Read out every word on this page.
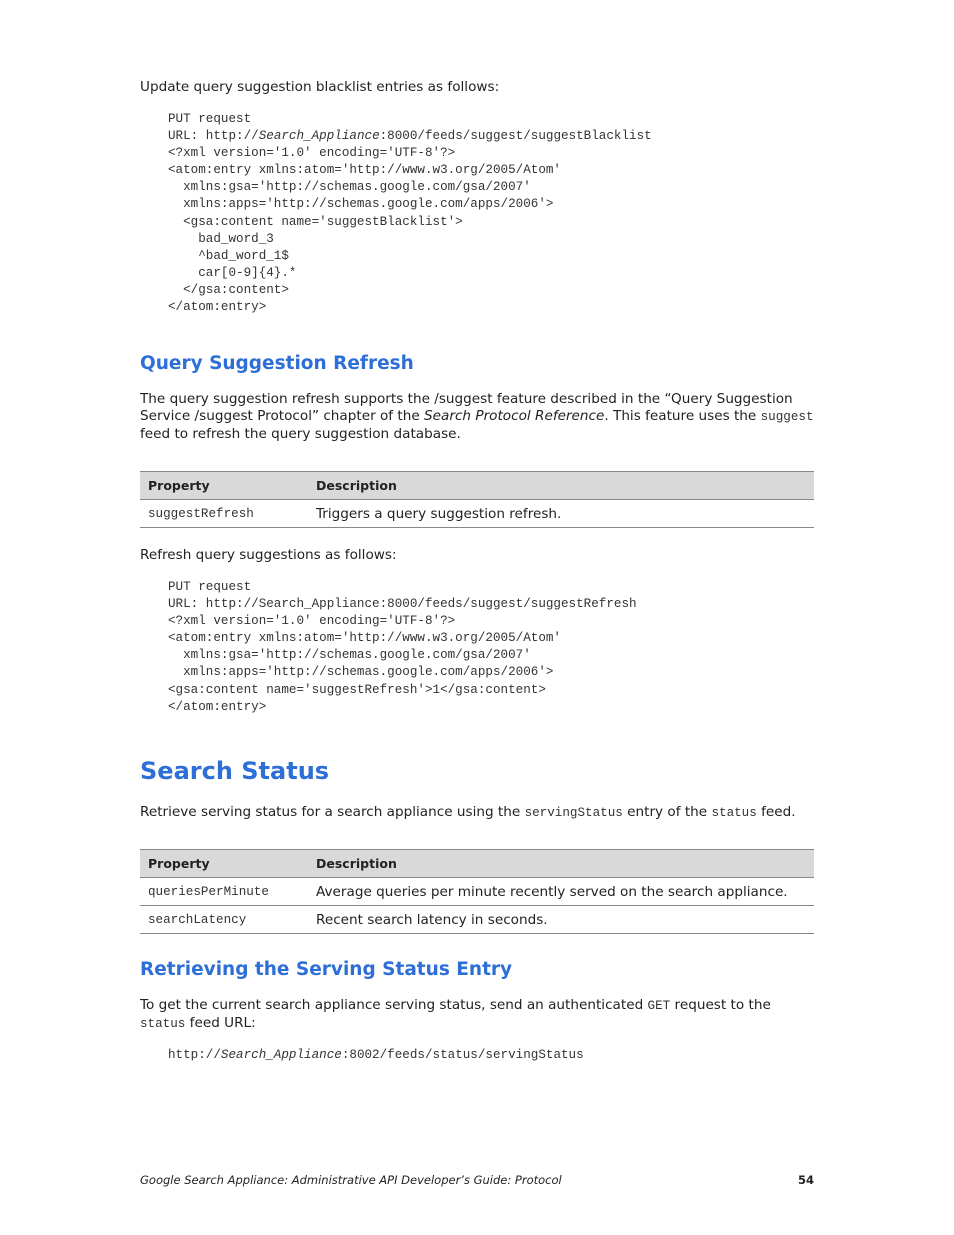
Update query suggestion blacklist entries as follows:

PUT request
URL: http://Search_Appliance:8000/feeds/suggest/suggestBlacklist
<?xml version='1.0' encoding='UTF-8'?>
<atom:entry xmlns:atom='http://www.w3.org/2005/Atom'
xmlns:gsa='http://schemas.google.com/gsa/2007'
xmlns:apps='http://schemas.google.com/apps/2006'>
<gsa:content name='suggestBlacklist'>
bad_word_3
^bad_word_1$
car[0-9]{4}.*
</gsa:content>
</atom:entry>
Query Suggestion Refresh

The query suggestion refresh supports the /suggest feature described in the “Query Suggestion Service /suggest Protocol” chapter of the Search Protocol Reference. This feature uses the suggest feed to refresh the query suggestion database.

Property	Description
suggestRefresh	Triggers a query suggestion refresh.

Refresh query suggestions as follows:

PUT request
URL: http://Search_Appliance:8000/feeds/suggest/suggestRefresh
<?xml version='1.0' encoding='UTF-8'?>
<atom:entry xmlns:atom='http://www.w3.org/2005/Atom'
xmlns:gsa='http://schemas.google.com/gsa/2007'
xmlns:apps='http://schemas.google.com/apps/2006'>
<gsa:content name='suggestRefresh'>1</gsa:content>
</atom:entry>
Search Status

Retrieve serving status for a search appliance using the servingStatus entry of the status feed.

Property	Description
queriesPerMinute	Average queries per minute recently served on the search appliance.
searchLatency	Recent search latency in seconds.
Retrieving the Serving Status Entry

To get the current search appliance serving status, send an authenticated GET request to the status feed URL:

http://Search_Appliance:8002/feeds/status/servingStatus
Google Search Appliance: Administrative API Developer’s Guide: Protocol	54
